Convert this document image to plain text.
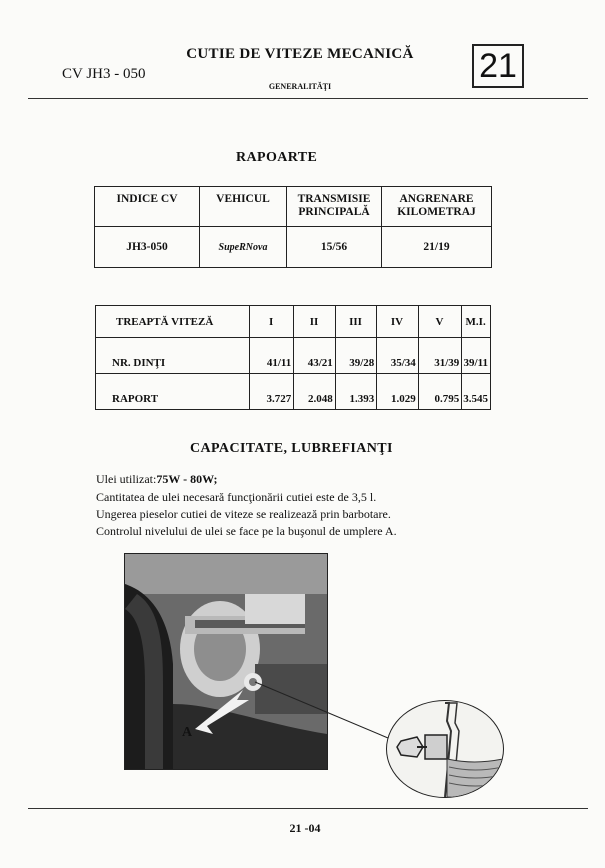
CUTIE DE VITEZE MECANICĂ
CV JH3 - 050
GENERALITĂŢI
21
RAPOARTE
INDICE CV	VEHICUL	TRANSMISIE PRINCIPALĂ	ANGRENARE KILOMETRAJ
JH3-050	SupeRNova	15/56	21/19
TREAPTĂ VITEZĂ	I	II	III	IV	V	M.I.
NR. DINŢI	41/11	43/21	39/28	35/34	31/39	39/11
RAPORT	3.727	2.048	1.393	1.029	0.795	3.545
CAPACITATE, LUBREFIANŢI
Ulei utilizat:75W - 80W;
Cantitatea de ulei necesară funcţionării cutiei este de 3,5 l.
Ungerea pieselor cutiei de viteze se realizează prin barbotare.
Controlul nivelului de ulei se face pe la buşonul de umplere A.
A
21 -04
